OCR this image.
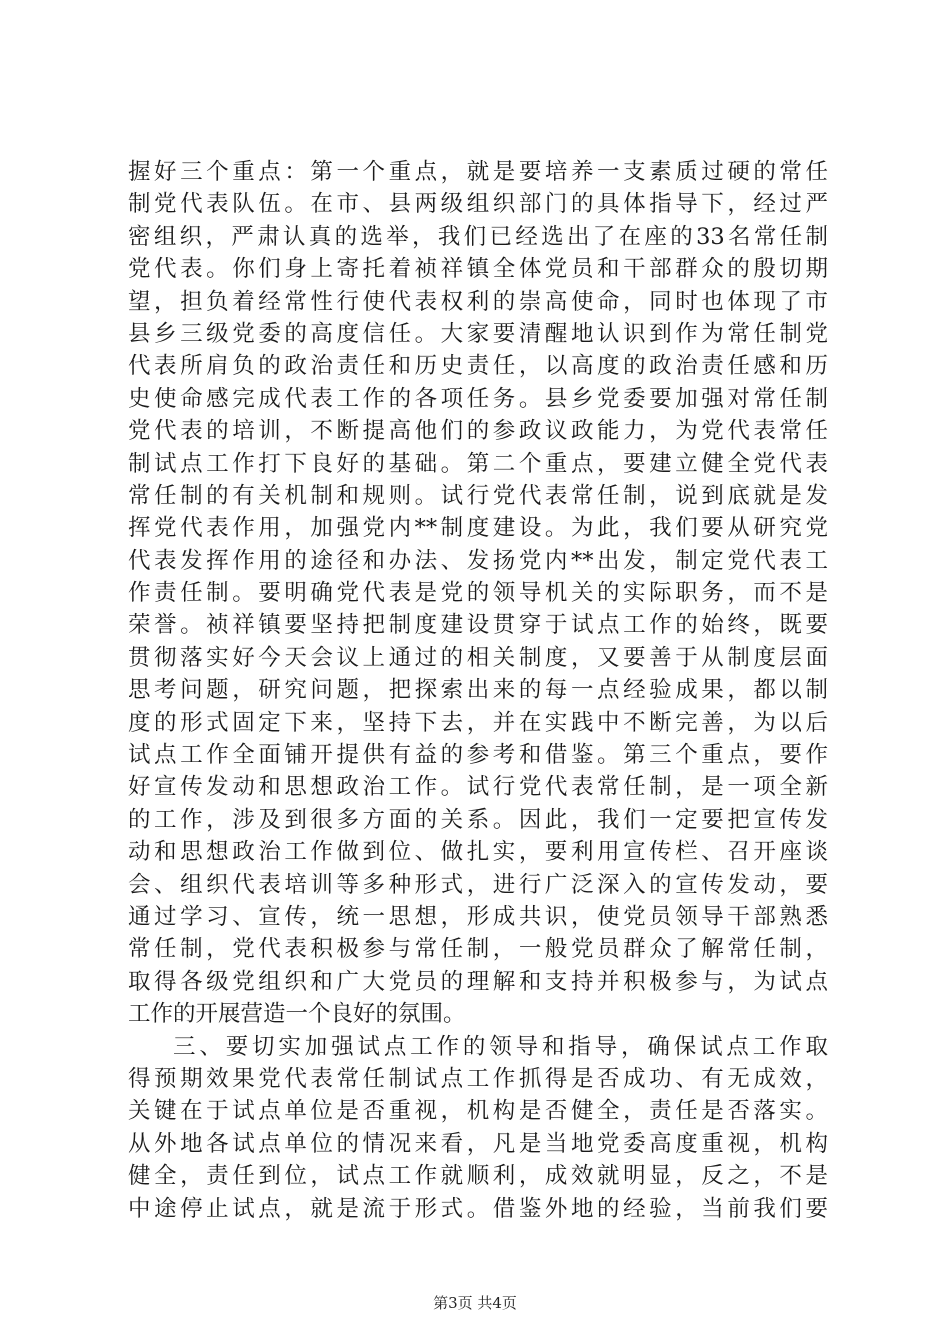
握好三个重点：第一个重点，就是要培养一支素质过硬的常任
制党代表队伍。在市、县两级组织部门的具体指导下，经过严
密组织，严肃认真的选举，我们已经选出了在座的33名常任制
党代表。你们身上寄托着祯祥镇全体党员和干部群众的殷切期
望，担负着经常性行使代表权利的崇高使命，同时也体现了市
县乡三级党委的高度信任。大家要清醒地认识到作为常任制党
代表所肩负的政治责任和历史责任，以高度的政治责任感和历
史使命感完成代表工作的各项任务。县乡党委要加强对常任制
党代表的培训，不断提高他们的参政议政能力，为党代表常任
制试点工作打下良好的基础。第二个重点，要建立健全党代表
常任制的有关机制和规则。试行党代表常任制，说到底就是发
挥党代表作用，加强党内**制度建设。为此，我们要从研究党
代表发挥作用的途径和办法、发扬党内**出发，制定党代表工
作责任制。要明确党代表是党的领导机关的实际职务，而不是
荣誉。祯祥镇要坚持把制度建设贯穿于试点工作的始终，既要
贯彻落实好今天会议上通过的相关制度，又要善于从制度层面
思考问题，研究问题，把探索出来的每一点经验成果，都以制
度的形式固定下来，坚持下去，并在实践中不断完善，为以后
试点工作全面铺开提供有益的参考和借鉴。第三个重点，要作
好宣传发动和思想政治工作。试行党代表常任制，是一项全新
的工作，涉及到很多方面的关系。因此，我们一定要把宣传发
动和思想政治工作做到位、做扎实，要利用宣传栏、召开座谈
会、组织代表培训等多种形式，进行广泛深入的宣传发动，要
通过学习、宣传，统一思想，形成共识，使党员领导干部熟悉
常任制，党代表积极参与常任制，一般党员群众了解常任制，
取得各级党组织和广大党员的理解和支持并积极参与，为试点
工作的开展营造一个良好的氛围。
三、要切实加强试点工作的领导和指导，确保试点工作取
得预期效果党代表常任制试点工作抓得是否成功、有无成效，
关键在于试点单位是否重视，机构是否健全，责任是否落实。
从外地各试点单位的情况来看，凡是当地党委高度重视，机构
健全，责任到位，试点工作就顺利，成效就明显，反之，不是
中途停止试点，就是流于形式。借鉴外地的经验，当前我们要
第3页 共4页
